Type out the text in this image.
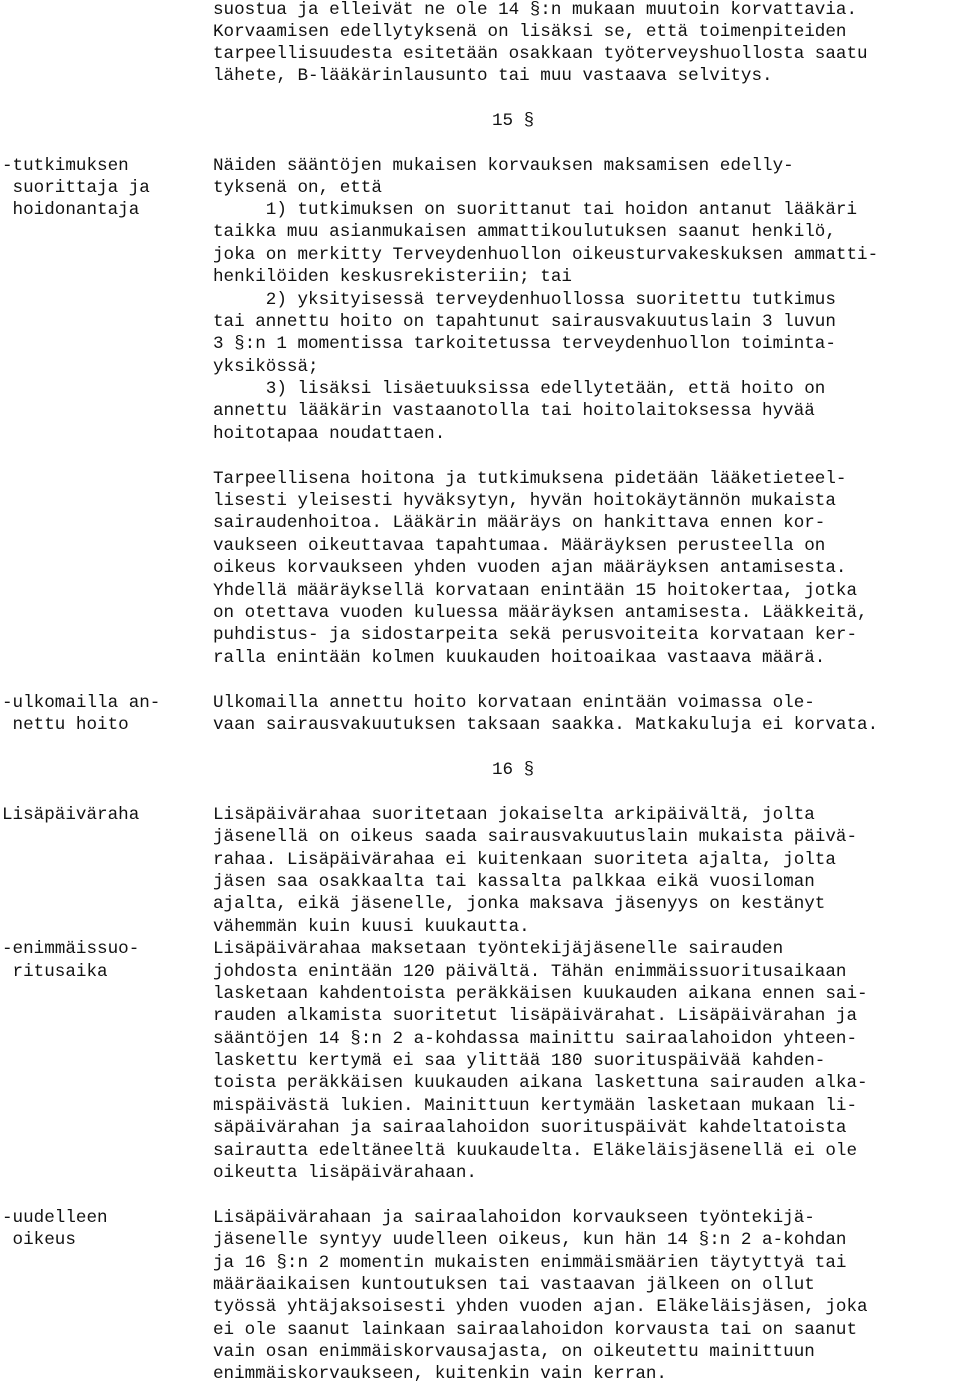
suostua ja elleivät ne ole 14 §:n mukaan muutoin korvattavia.
Korvaamisen edellytyksenä on lisäksi se, että toimenpiteiden
tarpeellisuudesta esitetään osakkaan työterveyshuollosta saatu
lähete, B-lääkärinlausunto tai muu vastaava selvitys.
15 §
-tutkimuksen
suorittaja ja
hoidonantaja
Näiden sääntöjen mukaisen korvauksen maksamisen edelly-
tyksenä on, että
1) tutkimuksen on suorittanut tai hoidon antanut lääkäri
taikka muu asianmukaisen ammattikoulutuksen saanut henkilö,
joka on merkitty Terveydenhuollon oikeusturvakeskuksen ammatti-
henkilöiden keskusrekisteriin; tai
2) yksityisessä terveydenhuollossa suoritettu tutkimus
tai annettu hoito on tapahtunut sairausvakuutuslain 3 luvun
3 §:n 1 momentissa tarkoitetussa terveydenhuollon toiminta-
yksikössä;
3) lisäksi lisäetuuksissa edellytetään, että hoito on
annettu lääkärin vastaanotolla tai hoitolaitoksessa hyvää
hoitotapaa noudattaen.
Tarpeellisena hoitona ja tutkimuksena pidetään lääketieteel-
lisesti yleisesti hyväksytyn, hyvän hoitokäytännön mukaista
sairaudenhoitoa. Lääkärin määräys on hankittava ennen kor-
vaukseen oikeuttavaa tapahtumaa. Määräyksen perusteella on
oikeus korvaukseen yhden vuoden ajan määräyksen antamisesta.
Yhdellä määräyksellä korvataan enintään 15 hoitokertaa, jotka
on otettava vuoden kuluessa määräyksen antamisesta. Lääkkeitä,
puhdistus- ja sidostarpeita sekä perusvoiteita korvataan ker-
ralla enintään kolmen kuukauden hoitoaikaa vastaava määrä.
-ulkomailla an-
nettu hoito
Ulkomailla annettu hoito korvataan enintään voimassa ole-
vaan sairausvakuutuksen taksaan saakka. Matkakuluja ei korvata.
16 §
Lisäpäiväraha	Lisäpäivärahaa suoritetaan jokaiselta arkipäivältä, jolta
jäsenellä on oikeus saada sairausvakuutuslain mukaista päivä-
rahaa. Lisäpäivärahaa ei kuitenkaan suoriteta ajalta, jolta
jäsen saa osakkaalta tai kassalta palkkaa eikä vuosiloman
ajalta, eikä jäsenelle, jonka maksava jäsenyys on kestänyt
vähemmän kuin kuusi kuukautta.
-enimmäissuo-
ritusaika
Lisäpäivärahaa maksetaan työntekijäjäsenelle sairauden
johdosta enintään 120 päivältä. Tähän enimmäissuoritusaikaan
lasketaan kahdentoista peräkkäisen kuukauden aikana ennen sai-
rauden alkamista suoritetut lisäpäivärahat. Lisäpäivärahan ja
sääntöjen 14 §:n 2 a-kohdassa mainittu sairaalahoidon yhteen-
laskettu kertymä ei saa ylittää 180 suorituspäivää kahden-
toista peräkkäisen kuukauden aikana laskettuna sairauden alka-
mispäivästä lukien. Mainittuun kertymään lasketaan mukaan li-
säpäivärahan ja sairaalahoidon suorituspäivät kahdeltatoista
sairautta edeltäneeltä kuukaudelta. Eläkeläisjäsenellä ei ole
oikeutta lisäpäivärahaan.
-uudelleen
oikeus
Lisäpäivärahaan ja sairaalahoidon korvaukseen työntekijä-
jäsenelle syntyy uudelleen oikeus, kun hän 14 §:n 2 a-kohdan
ja 16 §:n 2 momentin mukaisten enimmäismäärien täytyttyä tai
määräaikaisen kuntoutuksen tai vastaavan jälkeen on ollut
työssä yhtäjaksoisesti yhden vuoden ajan. Eläkeläisjäsen, joka
ei ole saanut lainkaan sairaalahoidon korvausta tai on saanut
vain osan enimmäiskorvausajasta, on oikeutettu mainittuun
enimmäiskorvaukseen, kuitenkin vain kerran.
